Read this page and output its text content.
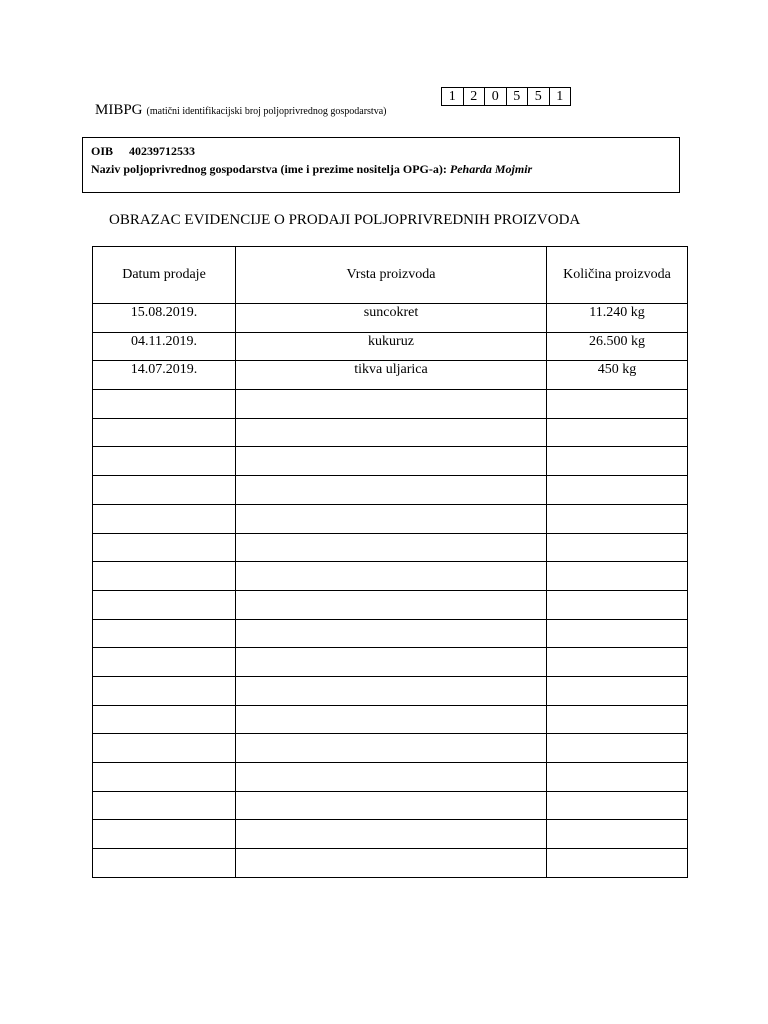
1	2	0	5	5	1
MIBPG (matični identifikacijski broj poljoprivrednog gospodarstva)
OIB 40239712533
Naziv poljoprivrednog gospodarstva (ime i prezime nositelja OPG-a): Peharda Mojmir
OBRAZAC EVIDENCIJE O PRODAJI POLJOPRIVREDNIH PROIZVODA
Datum prodaje	Vrsta proizvoda	Količina proizvoda
15.08.2019.	suncokret	11.240 kg
04.11.2019.	kukuruz	26.500 kg
14.07.2019.	tikva uljarica	450 kg
